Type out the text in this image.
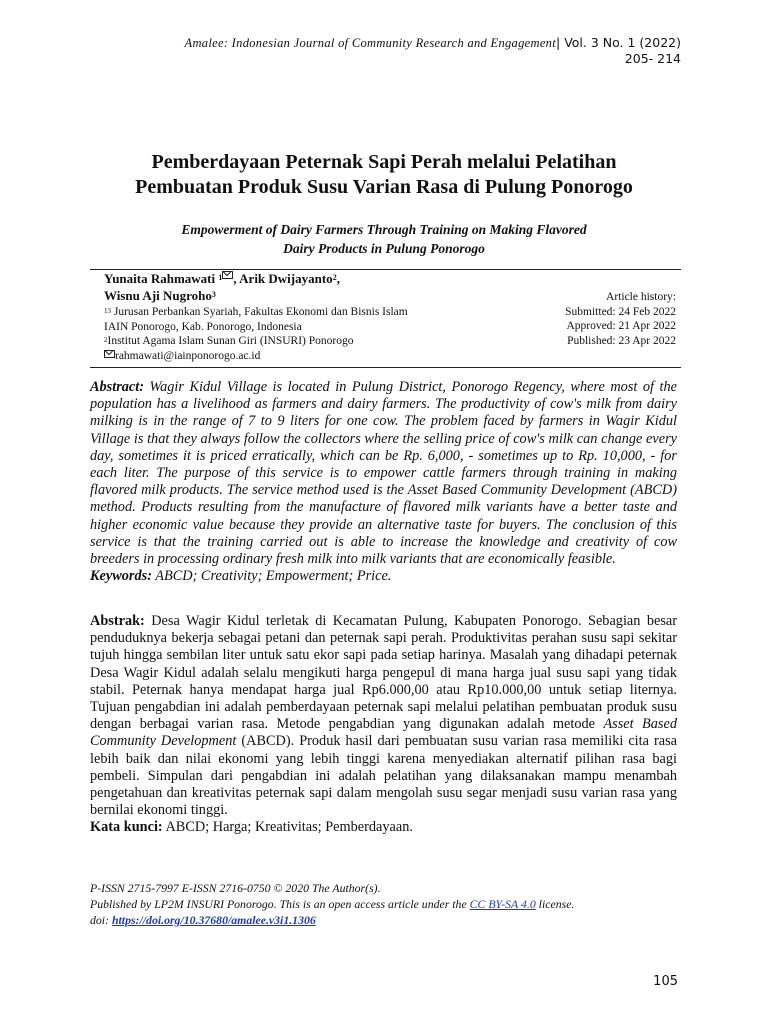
Amalee: Indonesian Journal of Community Research and Engagement| Vol. 3 No. 1 (2022)
205- 214
Pemberdayaan Peternak Sapi Perah melalui Pelatihan
Pembuatan Produk Susu Varian Rasa di Pulung Ponorogo
Empowerment of Dairy Farmers Through Training on Making Flavored
Dairy Products in Pulung Ponorogo
Yunaita Rahmawati $^1$ , Arik Dwijayanto$^2$,
Wisnu Aji Nugroho$^3$
$^{13}$ Jurusan Perbankan Syariah, Fakultas Ekonomi dan Bisnis Islam
IAIN Ponorogo, Kab. Ponorogo, Indonesia
$^2$Institut Agama Islam Sunan Giri (INSURI) Ponorogo
rahmawati@iainponorogo.ac.id
Article history:
Submitted: 24 Feb 2022
Approved: 21 Apr 2022
Published: 23 Apr 2022

Abstract: Wagir Kidul Village is located in Pulung District, Ponorogo Regency, where most of the population has a livelihood as farmers and dairy farmers. The productivity of cow's milk from dairy milking is in the range of 7 to 9 liters for one cow. The problem faced by farmers in Wagir Kidul Village is that they always follow the collectors where the selling price of cow's milk can change every day, sometimes it is priced erratically, which can be Rp. 6,000, - sometimes up to Rp. 10,000, - for each liter. The purpose of this service is to empower cattle farmers through training in making flavored milk products. The service method used is the Asset Based Community Development (ABCD) method. Products resulting from the manufacture of flavored milk variants have a better taste and higher economic value because they provide an alternative taste for buyers. The conclusion of this service is that the training carried out is able to increase the knowledge and creativity of cow breeders in processing ordinary fresh milk into milk variants that are economically feasible.
Keywords: ABCD; Creativity; Empowerment; Price.

Abstrak: Desa Wagir Kidul terletak di Kecamatan Pulung, Kabupaten Ponorogo. Sebagian besar penduduknya bekerja sebagai petani dan peternak sapi perah. Produktivitas perahan susu sapi sekitar tujuh hingga sembilan liter untuk satu ekor sapi pada setiap harinya. Masalah yang dihadapi peternak Desa Wagir Kidul adalah selalu mengikuti harga pengepul di mana harga jual susu sapi yang tidak stabil. Peternak hanya mendapat harga jual Rp6.000,00 atau Rp10.000,00 untuk setiap liternya. Tujuan pengabdian ini adalah pemberdayaan peternak sapi melalui pelatihan pembuatan produk susu dengan berbagai varian rasa. Metode pengabdian yang digunakan adalah metode Asset Based Community Development (ABCD). Produk hasil dari pembuatan susu varian rasa memiliki cita rasa lebih baik dan nilai ekonomi yang lebih tinggi karena menyediakan alternatif pilihan rasa bagi pembeli. Simpulan dari pengabdian ini adalah pelatihan yang dilaksanakan mampu menambah pengetahuan dan kreativitas peternak sapi dalam mengolah susu segar menjadi susu varian rasa yang bernilai ekonomi tinggi.
Kata kunci: ABCD; Harga; Kreativitas; Pemberdayaan.

P-ISSN 2715-7997 E-ISSN 2716-0750 © 2020 The Author(s).
Published by LP2M INSURI Ponorogo. This is an open access article under the CC BY-SA 4.0 license.
doi: https://doi.org/10.37680/amalee.v3i1.1306
105
